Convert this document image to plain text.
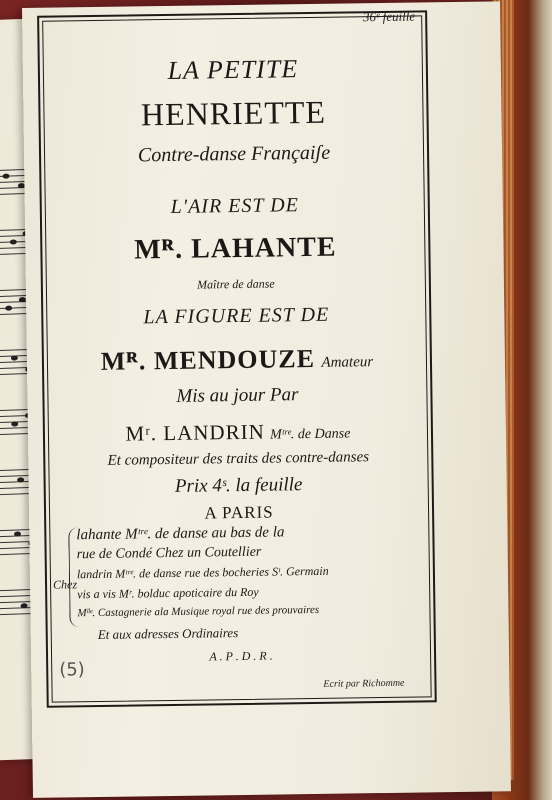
36ᵉ feuille
LA PETITE
HENRIETTE
Contre-danse Françaiʃe
L'AIR EST DE
Mᴿ. LAHANTE
Maître de danse
LA FIGURE EST DE
Mᴿ. MENDOUZE Amateur
Mis au jour Par
Mʳ. LANDRIN Mᵗʳᵉ. de Danse
Et compositeur des traits des contre-danses
Prix 4ˢ. la feuille
A PARIS
Chez
lahante Mᵗʳᵉ. de danse au bas de la
rue de Condé Chez un Coutellier
landrin Mᵗʳᵉ. de danse rue des bocheries Sᵗ. Germain
vis a vis Mʳ. bolduc apoticaire du Roy
Mˡˡᵉ. Castagnerie ala Musique royal rue des prouvaires
Et aux adresses Ordinaires
A . P . D . R .
Ecrit par Richomme
(5)
